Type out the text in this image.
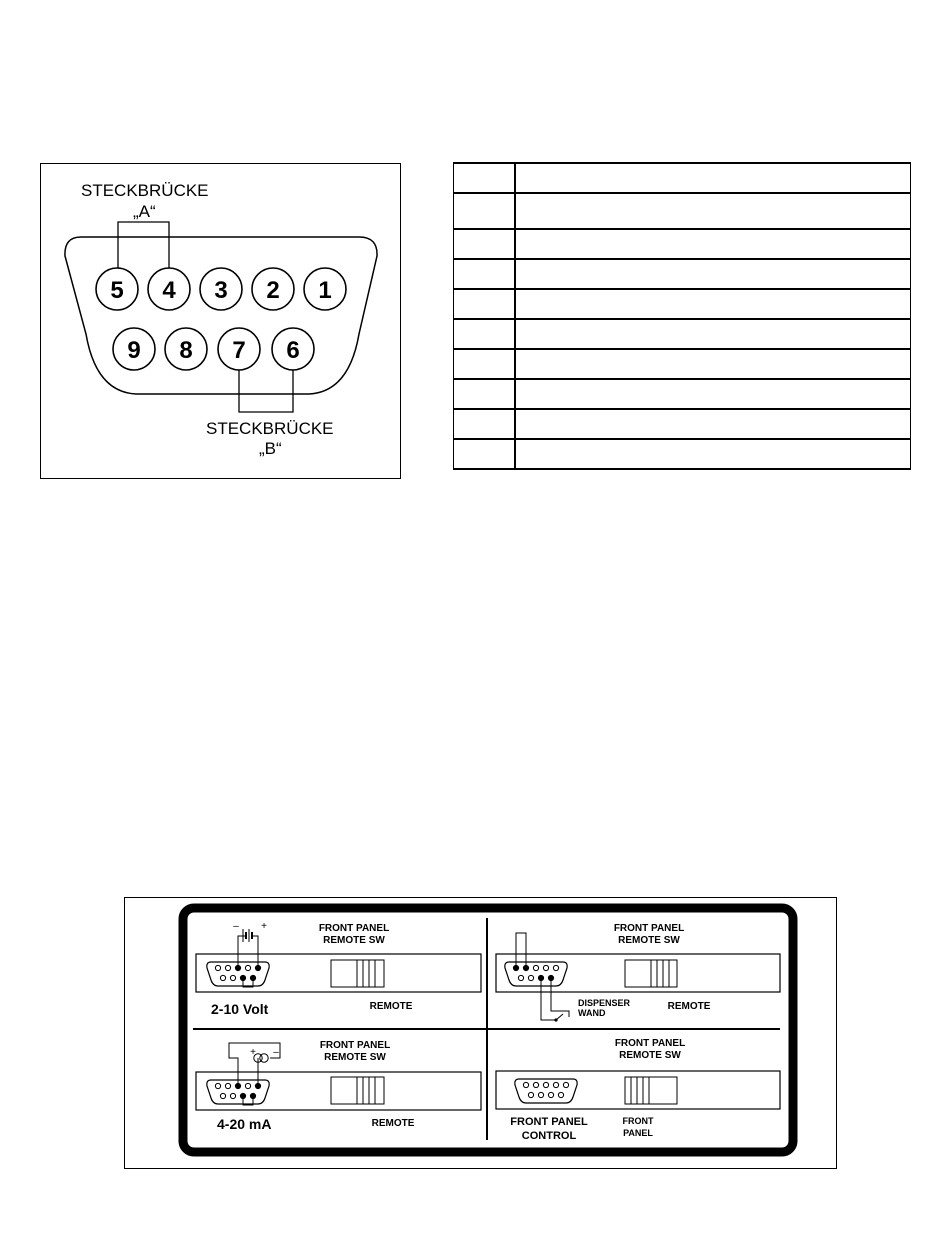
5 4 3 2 1
9 8 7 6
STECKBRÜCKE
„A“
STECKBRÜCKE
„B“

FRONT PANEL
REMOTE SW
– +
2-10 Volt	REMOTE
FRONT PANEL
REMOTE SW
DISPENSER
WAND
REMOTE
FRONT PANEL
REMOTE SW
+ –
4-20 mA	REMOTE
FRONT PANEL
REMOTE SW
FRONT PANEL
CONTROL
FRONT
PANEL
